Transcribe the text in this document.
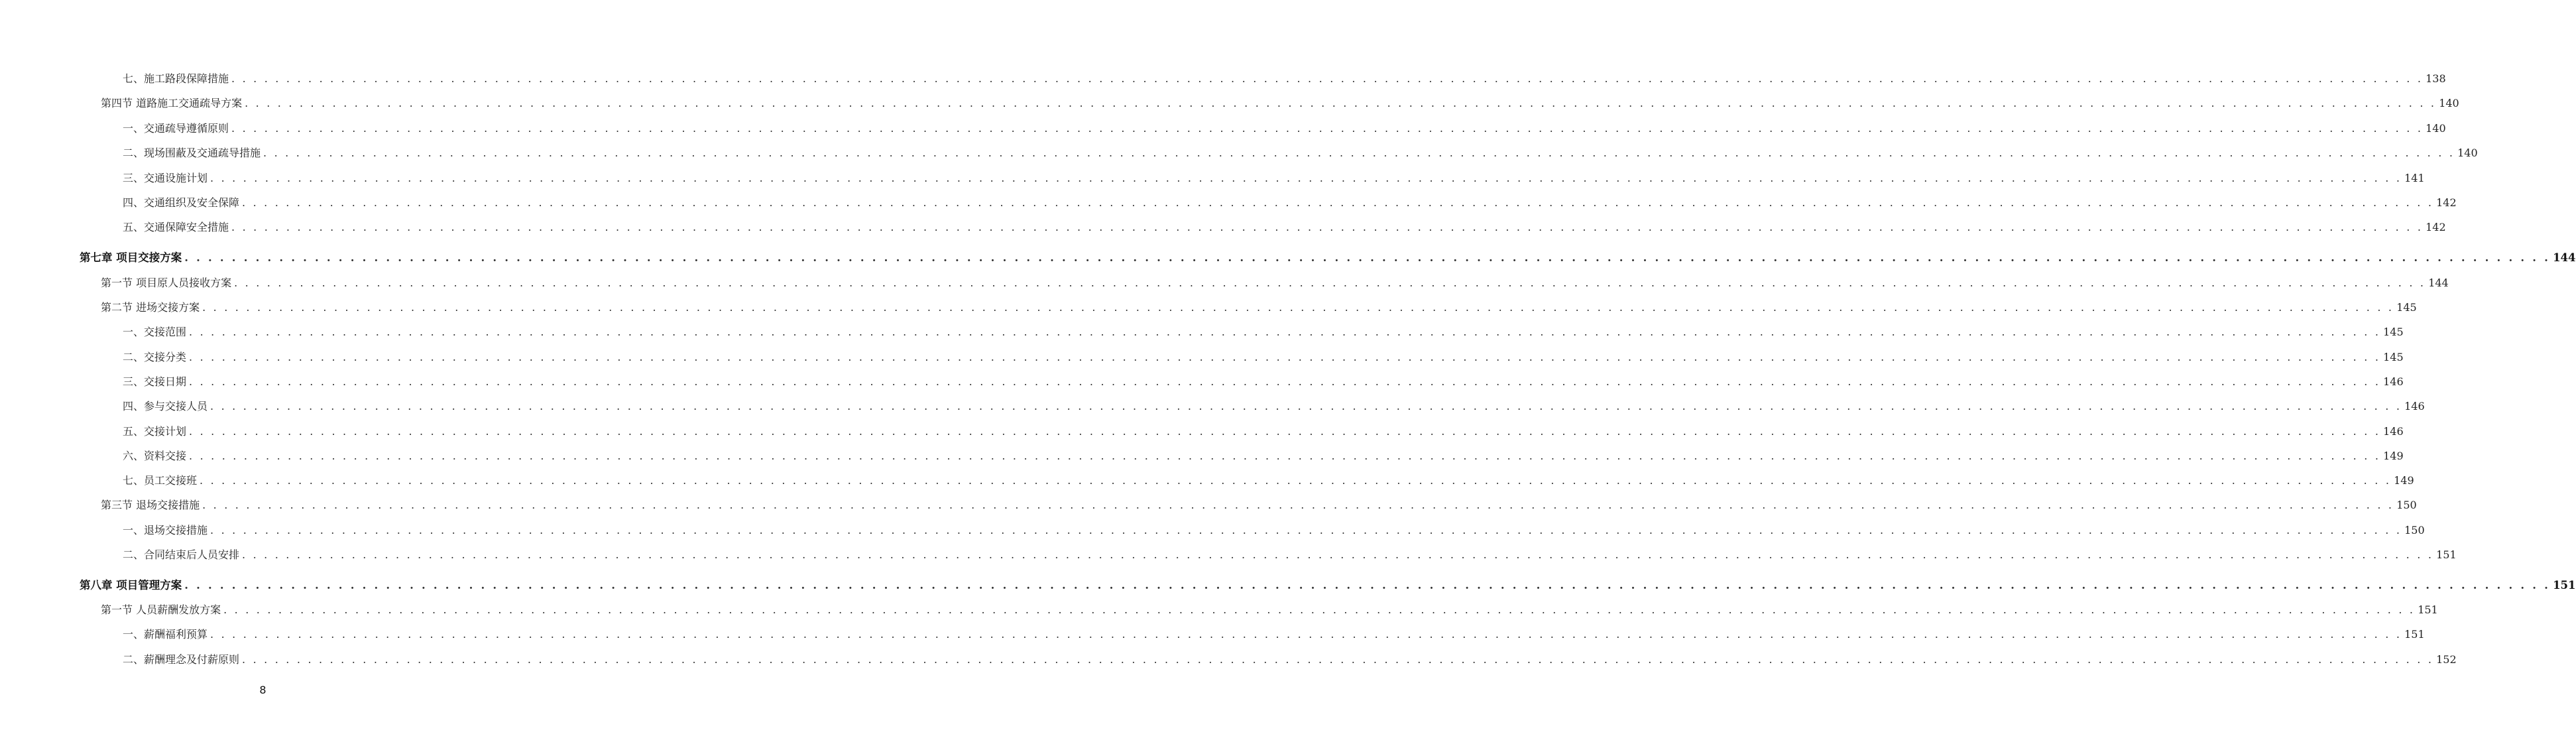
七、施工路段保障措施 . . . . . . . . . . . . . . . . . . . . . . . . . . . . . . . . . . . . . . . . . . . . . . . . . . . . . . . . . . . . . . . . . . . . . . . . . . . . . . . . . . . . . . . . . . . . . . . . . . . . . . . . . . . . . . . . . . . . . . . . . . . . . . . . . . . . . . . . . . . . . . . . . . . . . . . . . . . . . . . . . . . . . . . . . . . . . . . . . . . . . . . . . . . . . . . . . . . . . . . . 138
第四节 道路施工交通疏导方案 . . . . . . . . . . . . . . . . . . . . . . . . . . . . . . . . . . . . . . . . . . . . . . . . . . . . . . . . . . . . . . . . . . . . . . . . . . . . . . . . . . . . . . . . . . . . . . . . . . . . . . . . . . . . . . . . . . . . . . . . . . . . . . . . . . . . . . . . . . . . . . . . . . . . . . . . . . . . . . . . . . . . . . . . . . . . . . . . . . . . . . . . . . . . . . . . . . . . . . . . 140
一、交通疏导遵循原则 . . . . . . . . . . . . . . . . . . . . . . . . . . . . . . . . . . . . . . . . . . . . . . . . . . . . . . . . . . . . . . . . . . . . . . . . . . . . . . . . . . . . . . . . . . . . . . . . . . . . . . . . . . . . . . . . . . . . . . . . . . . . . . . . . . . . . . . . . . . . . . . . . . . . . . . . . . . . . . . . . . . . . . . . . . . . . . . . . . . . . . . . . . . . . . . . . . . . . . . . 140
二、现场围蔽及交通疏导措施 . . . . . . . . . . . . . . . . . . . . . . . . . . . . . . . . . . . . . . . . . . . . . . . . . . . . . . . . . . . . . . . . . . . . . . . . . . . . . . . . . . . . . . . . . . . . . . . . . . . . . . . . . . . . . . . . . . . . . . . . . . . . . . . . . . . . . . . . . . . . . . . . . . . . . . . . . . . . . . . . . . . . . . . . . . . . . . . . . . . . . . . . . . . . . . . . . . . . . . . . 140
三、交通设施计划 . . . . . . . . . . . . . . . . . . . . . . . . . . . . . . . . . . . . . . . . . . . . . . . . . . . . . . . . . . . . . . . . . . . . . . . . . . . . . . . . . . . . . . . . . . . . . . . . . . . . . . . . . . . . . . . . . . . . . . . . . . . . . . . . . . . . . . . . . . . . . . . . . . . . . . . . . . . . . . . . . . . . . . . . . . . . . . . . . . . . . . . . . . . . . . . . . . . . . . . . 141
四、交通组织及安全保障 . . . . . . . . . . . . . . . . . . . . . . . . . . . . . . . . . . . . . . . . . . . . . . . . . . . . . . . . . . . . . . . . . . . . . . . . . . . . . . . . . . . . . . . . . . . . . . . . . . . . . . . . . . . . . . . . . . . . . . . . . . . . . . . . . . . . . . . . . . . . . . . . . . . . . . . . . . . . . . . . . . . . . . . . . . . . . . . . . . . . . . . . . . . . . . . . . . . . . . . . 142
五、交通保障安全措施 . . . . . . . . . . . . . . . . . . . . . . . . . . . . . . . . . . . . . . . . . . . . . . . . . . . . . . . . . . . . . . . . . . . . . . . . . . . . . . . . . . . . . . . . . . . . . . . . . . . . . . . . . . . . . . . . . . . . . . . . . . . . . . . . . . . . . . . . . . . . . . . . . . . . . . . . . . . . . . . . . . . . . . . . . . . . . . . . . . . . . . . . . . . . . . . . . . . . . . . . 142
第七章 项目交接方案 . . . . . . . . . . . . . . . . . . . . . . . . . . . . . . . . . . . . . . . . . . . . . . . . . . . . . . . . . . . . . . . . . . . . . . . . . . . . . . . . . . . . . . . . . . . . . . . . . . . . . . . . . . . . . . . . . . . . . . . . . . . . . . . . . . . . . . . . . . . . . . . . . . . . . . . . . . . . . . . . . . . . . . . . . . . . . . . . . . . . . . . . . . . . . . . . . . . . . . . . 144
第一节 项目原人员接收方案 . . . . . . . . . . . . . . . . . . . . . . . . . . . . . . . . . . . . . . . . . . . . . . . . . . . . . . . . . . . . . . . . . . . . . . . . . . . . . . . . . . . . . . . . . . . . . . . . . . . . . . . . . . . . . . . . . . . . . . . . . . . . . . . . . . . . . . . . . . . . . . . . . . . . . . . . . . . . . . . . . . . . . . . . . . . . . . . . . . . . . . . . . . . . . . . . . . . . . . . . 144
第二节 进场交接方案 . . . . . . . . . . . . . . . . . . . . . . . . . . . . . . . . . . . . . . . . . . . . . . . . . . . . . . . . . . . . . . . . . . . . . . . . . . . . . . . . . . . . . . . . . . . . . . . . . . . . . . . . . . . . . . . . . . . . . . . . . . . . . . . . . . . . . . . . . . . . . . . . . . . . . . . . . . . . . . . . . . . . . . . . . . . . . . . . . . . . . . . . . . . . . . . . . . . . . . . . 145
一、交接范围 . . . . . . . . . . . . . . . . . . . . . . . . . . . . . . . . . . . . . . . . . . . . . . . . . . . . . . . . . . . . . . . . . . . . . . . . . . . . . . . . . . . . . . . . . . . . . . . . . . . . . . . . . . . . . . . . . . . . . . . . . . . . . . . . . . . . . . . . . . . . . . . . . . . . . . . . . . . . . . . . . . . . . . . . . . . . . . . . . . . . . . . . . . . . . . . . . . . . . . . . 145
二、交接分类 . . . . . . . . . . . . . . . . . . . . . . . . . . . . . . . . . . . . . . . . . . . . . . . . . . . . . . . . . . . . . . . . . . . . . . . . . . . . . . . . . . . . . . . . . . . . . . . . . . . . . . . . . . . . . . . . . . . . . . . . . . . . . . . . . . . . . . . . . . . . . . . . . . . . . . . . . . . . . . . . . . . . . . . . . . . . . . . . . . . . . . . . . . . . . . . . . . . . . . . . 145
三、交接日期 . . . . . . . . . . . . . . . . . . . . . . . . . . . . . . . . . . . . . . . . . . . . . . . . . . . . . . . . . . . . . . . . . . . . . . . . . . . . . . . . . . . . . . . . . . . . . . . . . . . . . . . . . . . . . . . . . . . . . . . . . . . . . . . . . . . . . . . . . . . . . . . . . . . . . . . . . . . . . . . . . . . . . . . . . . . . . . . . . . . . . . . . . . . . . . . . . . . . . . . . 146
四、参与交接人员 . . . . . . . . . . . . . . . . . . . . . . . . . . . . . . . . . . . . . . . . . . . . . . . . . . . . . . . . . . . . . . . . . . . . . . . . . . . . . . . . . . . . . . . . . . . . . . . . . . . . . . . . . . . . . . . . . . . . . . . . . . . . . . . . . . . . . . . . . . . . . . . . . . . . . . . . . . . . . . . . . . . . . . . . . . . . . . . . . . . . . . . . . . . . . . . . . . . . . . . . 146
五、交接计划 . . . . . . . . . . . . . . . . . . . . . . . . . . . . . . . . . . . . . . . . . . . . . . . . . . . . . . . . . . . . . . . . . . . . . . . . . . . . . . . . . . . . . . . . . . . . . . . . . . . . . . . . . . . . . . . . . . . . . . . . . . . . . . . . . . . . . . . . . . . . . . . . . . . . . . . . . . . . . . . . . . . . . . . . . . . . . . . . . . . . . . . . . . . . . . . . . . . . . . . . 146
六、资料交接 . . . . . . . . . . . . . . . . . . . . . . . . . . . . . . . . . . . . . . . . . . . . . . . . . . . . . . . . . . . . . . . . . . . . . . . . . . . . . . . . . . . . . . . . . . . . . . . . . . . . . . . . . . . . . . . . . . . . . . . . . . . . . . . . . . . . . . . . . . . . . . . . . . . . . . . . . . . . . . . . . . . . . . . . . . . . . . . . . . . . . . . . . . . . . . . . . . . . . . . . 149
七、员工交接班 . . . . . . . . . . . . . . . . . . . . . . . . . . . . . . . . . . . . . . . . . . . . . . . . . . . . . . . . . . . . . . . . . . . . . . . . . . . . . . . . . . . . . . . . . . . . . . . . . . . . . . . . . . . . . . . . . . . . . . . . . . . . . . . . . . . . . . . . . . . . . . . . . . . . . . . . . . . . . . . . . . . . . . . . . . . . . . . . . . . . . . . . . . . . . . . . . . . . . . . . 149
第三节 退场交接措施 . . . . . . . . . . . . . . . . . . . . . . . . . . . . . . . . . . . . . . . . . . . . . . . . . . . . . . . . . . . . . . . . . . . . . . . . . . . . . . . . . . . . . . . . . . . . . . . . . . . . . . . . . . . . . . . . . . . . . . . . . . . . . . . . . . . . . . . . . . . . . . . . . . . . . . . . . . . . . . . . . . . . . . . . . . . . . . . . . . . . . . . . . . . . . . . . . . . . . . . . 150
一、退场交接措施 . . . . . . . . . . . . . . . . . . . . . . . . . . . . . . . . . . . . . . . . . . . . . . . . . . . . . . . . . . . . . . . . . . . . . . . . . . . . . . . . . . . . . . . . . . . . . . . . . . . . . . . . . . . . . . . . . . . . . . . . . . . . . . . . . . . . . . . . . . . . . . . . . . . . . . . . . . . . . . . . . . . . . . . . . . . . . . . . . . . . . . . . . . . . . . . . . . . . . . . . 150
二、合同结束后人员安排 . . . . . . . . . . . . . . . . . . . . . . . . . . . . . . . . . . . . . . . . . . . . . . . . . . . . . . . . . . . . . . . . . . . . . . . . . . . . . . . . . . . . . . . . . . . . . . . . . . . . . . . . . . . . . . . . . . . . . . . . . . . . . . . . . . . . . . . . . . . . . . . . . . . . . . . . . . . . . . . . . . . . . . . . . . . . . . . . . . . . . . . . . . . . . . . . . . . . . . . . 151
第八章 项目管理方案 . . . . . . . . . . . . . . . . . . . . . . . . . . . . . . . . . . . . . . . . . . . . . . . . . . . . . . . . . . . . . . . . . . . . . . . . . . . . . . . . . . . . . . . . . . . . . . . . . . . . . . . . . . . . . . . . . . . . . . . . . . . . . . . . . . . . . . . . . . . . . . . . . . . . . . . . . . . . . . . . . . . . . . . . . . . . . . . . . . . . . . . . . . . . . . . . . . . . . . . . 151
第一节 人员薪酬发放方案 . . . . . . . . . . . . . . . . . . . . . . . . . . . . . . . . . . . . . . . . . . . . . . . . . . . . . . . . . . . . . . . . . . . . . . . . . . . . . . . . . . . . . . . . . . . . . . . . . . . . . . . . . . . . . . . . . . . . . . . . . . . . . . . . . . . . . . . . . . . . . . . . . . . . . . . . . . . . . . . . . . . . . . . . . . . . . . . . . . . . . . . . . . . . . . . . . . . . . . . . 151
一、薪酬福利预算 . . . . . . . . . . . . . . . . . . . . . . . . . . . . . . . . . . . . . . . . . . . . . . . . . . . . . . . . . . . . . . . . . . . . . . . . . . . . . . . . . . . . . . . . . . . . . . . . . . . . . . . . . . . . . . . . . . . . . . . . . . . . . . . . . . . . . . . . . . . . . . . . . . . . . . . . . . . . . . . . . . . . . . . . . . . . . . . . . . . . . . . . . . . . . . . . . . . . . . . . 151
二、薪酬理念及付薪原则 . . . . . . . . . . . . . . . . . . . . . . . . . . . . . . . . . . . . . . . . . . . . . . . . . . . . . . . . . . . . . . . . . . . . . . . . . . . . . . . . . . . . . . . . . . . . . . . . . . . . . . . . . . . . . . . . . . . . . . . . . . . . . . . . . . . . . . . . . . . . . . . . . . . . . . . . . . . . . . . . . . . . . . . . . . . . . . . . . . . . . . . . . . . . . . . . . . . . . . . . 152
8
